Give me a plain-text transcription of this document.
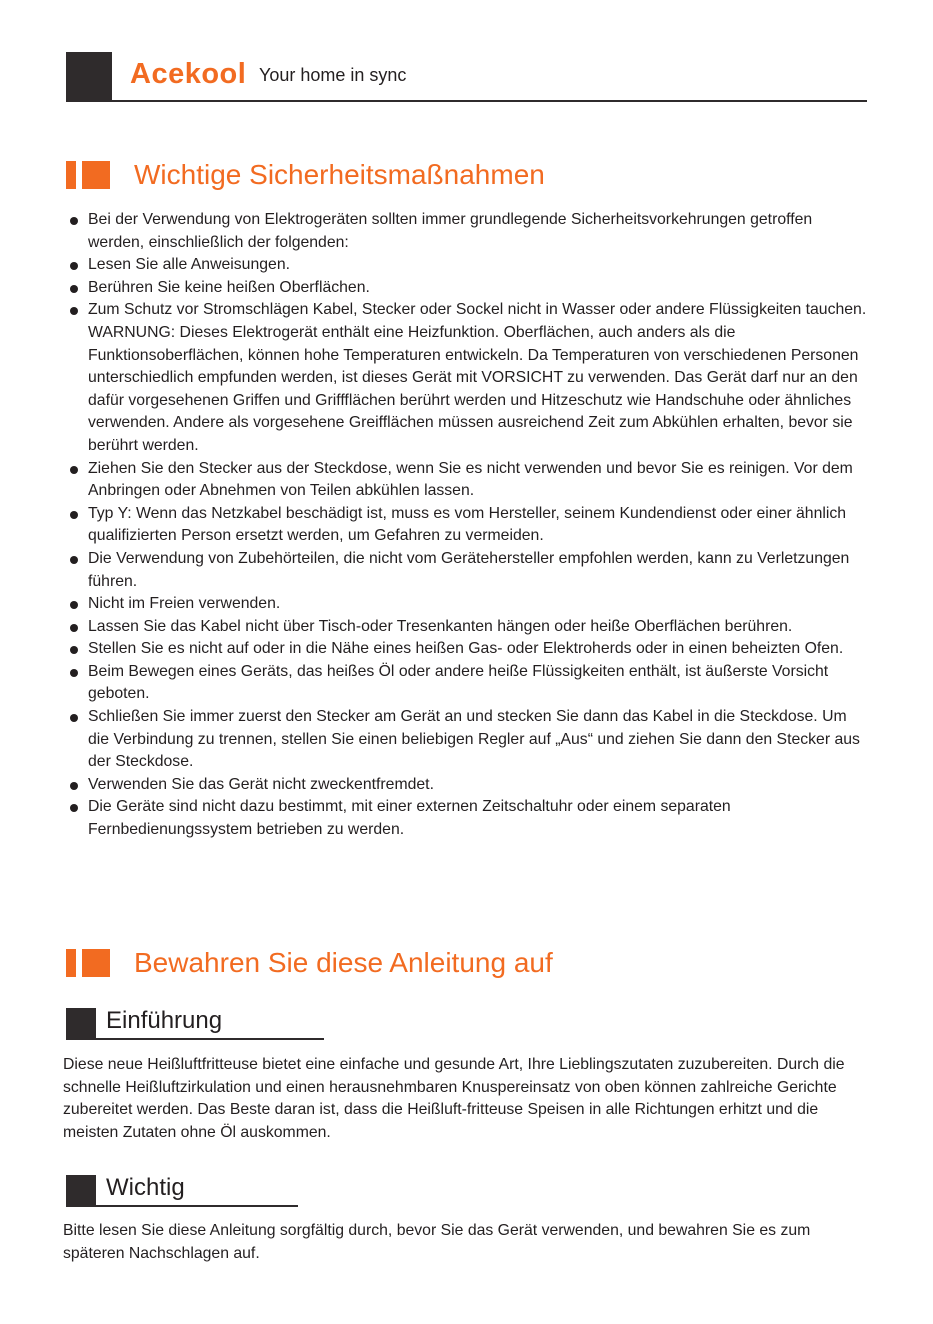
Acekool Your home in sync
Wichtige Sicherheitsmaßnahmen
Bei der Verwendung von Elektrogeräten sollten immer grundlegende Sicherheitsvorkehrungen getroffen werden, einschließlich der folgenden:
Lesen Sie alle Anweisungen.
Berühren Sie keine heißen Oberflächen.
Zum Schutz vor Stromschlägen Kabel, Stecker oder Sockel nicht in Wasser oder andere Flüssigkeiten tauchen. WARNUNG: Dieses Elektrogerät enthält eine Heizfunktion. Oberflächen, auch anders als die Funktionsoberflächen, können hohe Temperaturen entwickeln. Da Temperaturen von verschiedenen Personen unterschiedlich empfunden werden, ist dieses Gerät mit VORSICHT zu verwenden. Das Gerät darf nur an den dafür vorgesehenen Griffen und Griffflächen berührt werden und Hitzeschutz wie Handschuhe oder ähnliches verwenden. Andere als vorgesehene Greifflächen müssen ausreichend Zeit zum Abkühlen erhalten, bevor sie berührt werden.
Ziehen Sie den Stecker aus der Steckdose, wenn Sie es nicht verwenden und bevor Sie es reinigen. Vor dem Anbringen oder Abnehmen von Teilen abkühlen lassen.
Typ Y: Wenn das Netzkabel beschädigt ist, muss es vom Hersteller, seinem Kundendienst oder einer ähnlich qualifizierten Person ersetzt werden, um Gefahren zu vermeiden.
Die Verwendung von Zubehörteilen, die nicht vom Gerätehersteller empfohlen werden, kann zu Verletzungen führen.
Nicht im Freien verwenden.
Lassen Sie das Kabel nicht über Tisch-oder Tresenkanten hängen oder heiße Oberflächen berühren.
Stellen Sie es nicht auf oder in die Nähe eines heißen Gas- oder Elektroherds oder in einen beheizten Ofen.
Beim Bewegen eines Geräts, das heißes Öl oder andere heiße Flüssigkeiten enthält, ist äußerste Vorsicht geboten.
Schließen Sie immer zuerst den Stecker am Gerät an und stecken Sie dann das Kabel in die Steckdose. Um die Verbindung zu trennen, stellen Sie einen beliebigen Regler auf „Aus“ und ziehen Sie dann den Stecker aus der Steckdose.
Verwenden Sie das Gerät nicht zweckentfremdet.
Die Geräte sind nicht dazu bestimmt, mit einer externen Zeitschaltuhr oder einem separaten Fernbedienungssystem betrieben zu werden.
Bewahren Sie diese Anleitung auf
Einführung

Diese neue Heißluftfritteuse bietet eine einfache und gesunde Art, Ihre Lieblingszutaten zuzubereiten. Durch die schnelle Heißluftzirkulation und einen herausnehmbaren Knuspereinsatz von oben können zahlreiche Gerichte zubereitet werden. Das Beste daran ist, dass die Heißluft-fritteuse Speisen in alle Richtungen erhitzt und die meisten Zutaten ohne Öl auskommen.

Wichtig

Bitte lesen Sie diese Anleitung sorgfältig durch, bevor Sie das Gerät verwenden, und bewahren Sie es zum späteren Nachschlagen auf.
